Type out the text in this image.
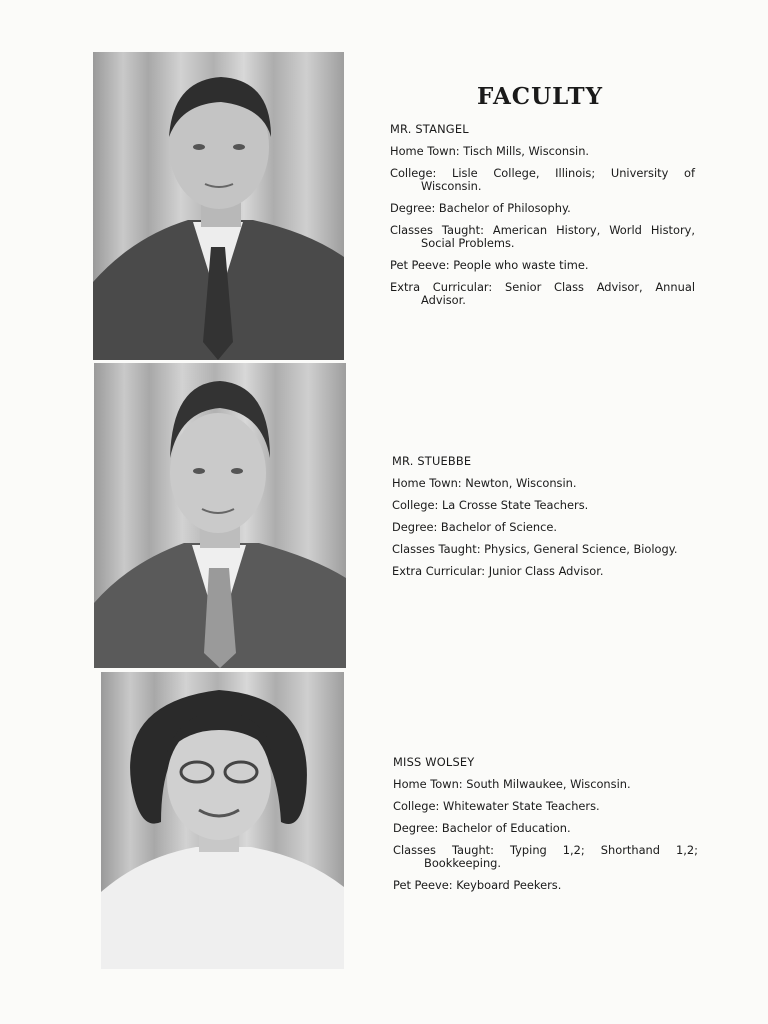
FACULTY

MR. STANGEL

Home Town: Tisch Mills, Wisconsin.

College: Lisle College, Illinois; University of Wisconsin.

Degree: Bachelor of Philosophy.

Classes Taught: American History, World History, Social Problems.

Pet Peeve: People who waste time.

Extra Curricular: Senior Class Advisor, Annual Advisor.

MR. STUEBBE

Home Town: Newton, Wisconsin.

College: La Crosse State Teachers.

Degree: Bachelor of Science.

Classes Taught: Physics, General Science, Biology.

Extra Curricular: Junior Class Advisor.

MISS WOLSEY

Home Town: South Milwaukee, Wisconsin.

College: Whitewater State Teachers.

Degree: Bachelor of Education.

Classes Taught: Typing 1,2; Shorthand 1,2; Bookkeeping.

Pet Peeve: Keyboard Peekers.
